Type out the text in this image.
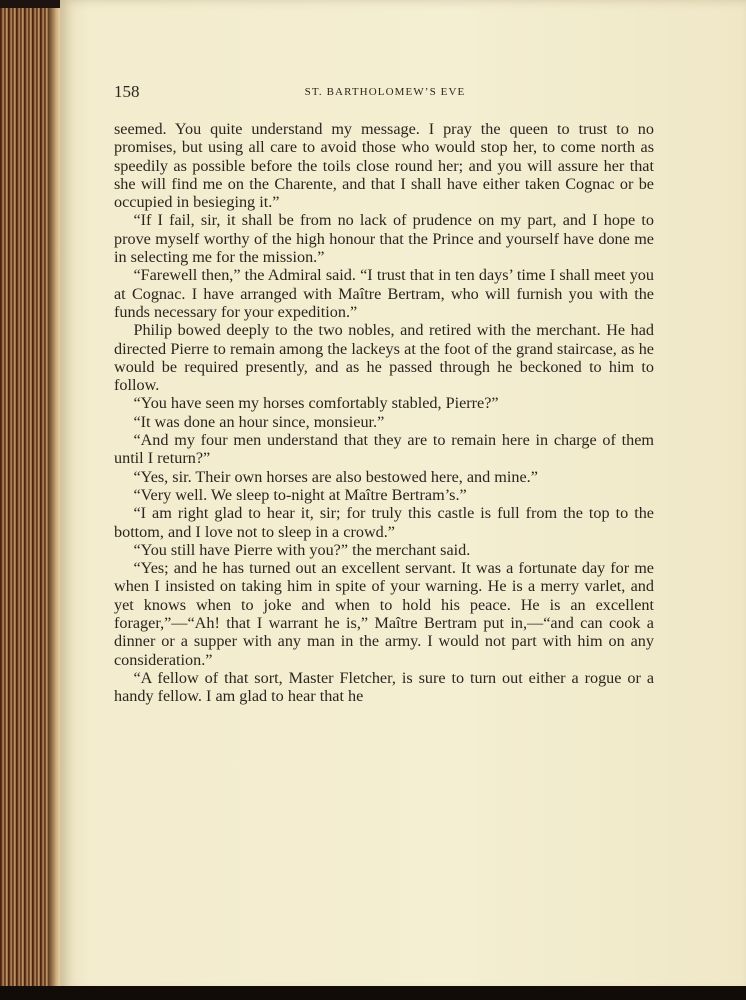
158	ST. BARTHOLOMEW’S EVE

seemed. You quite understand my message. I pray the queen to trust to no promises, but using all care to avoid those who would stop her, to come north as speedily as possible before the toils close round her; and you will assure her that she will find me on the Charente, and that I shall have either taken Cognac or be occupied in besieging it.”

“If I fail, sir, it shall be from no lack of prudence on my part, and I hope to prove myself worthy of the high honour that the Prince and yourself have done me in selecting me for the mission.”

“Farewell then,” the Admiral said. “I trust that in ten days’ time I shall meet you at Cognac. I have arranged with Maître Bertram, who will furnish you with the funds necessary for your expedition.”

Philip bowed deeply to the two nobles, and retired with the merchant. He had directed Pierre to remain among the lackeys at the foot of the grand staircase, as he would be required presently, and as he passed through he beckoned to him to follow.

“You have seen my horses comfortably stabled, Pierre?”

“It was done an hour since, monsieur.”

“And my four men understand that they are to remain here in charge of them until I return?”

“Yes, sir. Their own horses are also bestowed here, and mine.”

“Very well. We sleep to-night at Maître Bertram’s.”

“I am right glad to hear it, sir; for truly this castle is full from the top to the bottom, and I love not to sleep in a crowd.”

“You still have Pierre with you?” the merchant said.

“Yes; and he has turned out an excellent servant. It was a fortunate day for me when I insisted on taking him in spite of your warning. He is a merry varlet, and yet knows when to joke and when to hold his peace. He is an excellent forager,”—“Ah! that I warrant he is,” Maître Bertram put in,—“and can cook a dinner or a supper with any man in the army. I would not part with him on any consideration.”

“A fellow of that sort, Master Fletcher, is sure to turn out either a rogue or a handy fellow. I am glad to hear that he
